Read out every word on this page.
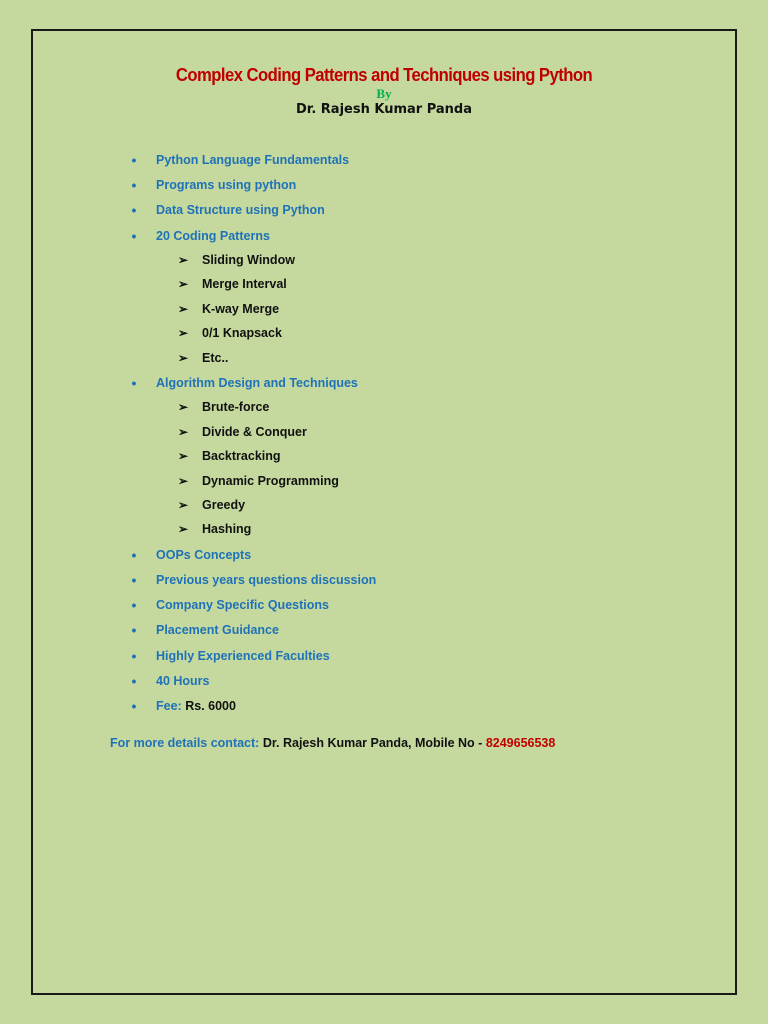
Complex Coding Patterns and Techniques using Python
By
Dr. Rajesh Kumar Panda
•	Python Language Fundamentals
•	Programs using python
•	Data Structure using Python
•	20 Coding Patterns
➢ Sliding Window
➢ Merge Interval
➢ K-way Merge
➢ 0/1 Knapsack
➢ Etc..
•	Algorithm Design and Techniques
➢ Brute-force
➢ Divide & Conquer
➢ Backtracking
➢ Dynamic Programming
➢ Greedy
➢ Hashing
•	OOPs Concepts
•	Previous years questions discussion
•	Company Specific Questions
•	Placement Guidance
•	Highly Experienced Faculties
•	40 Hours
•	Fee: Rs. 6000
For more details contact: Dr. Rajesh Kumar Panda, Mobile No - 8249656538
